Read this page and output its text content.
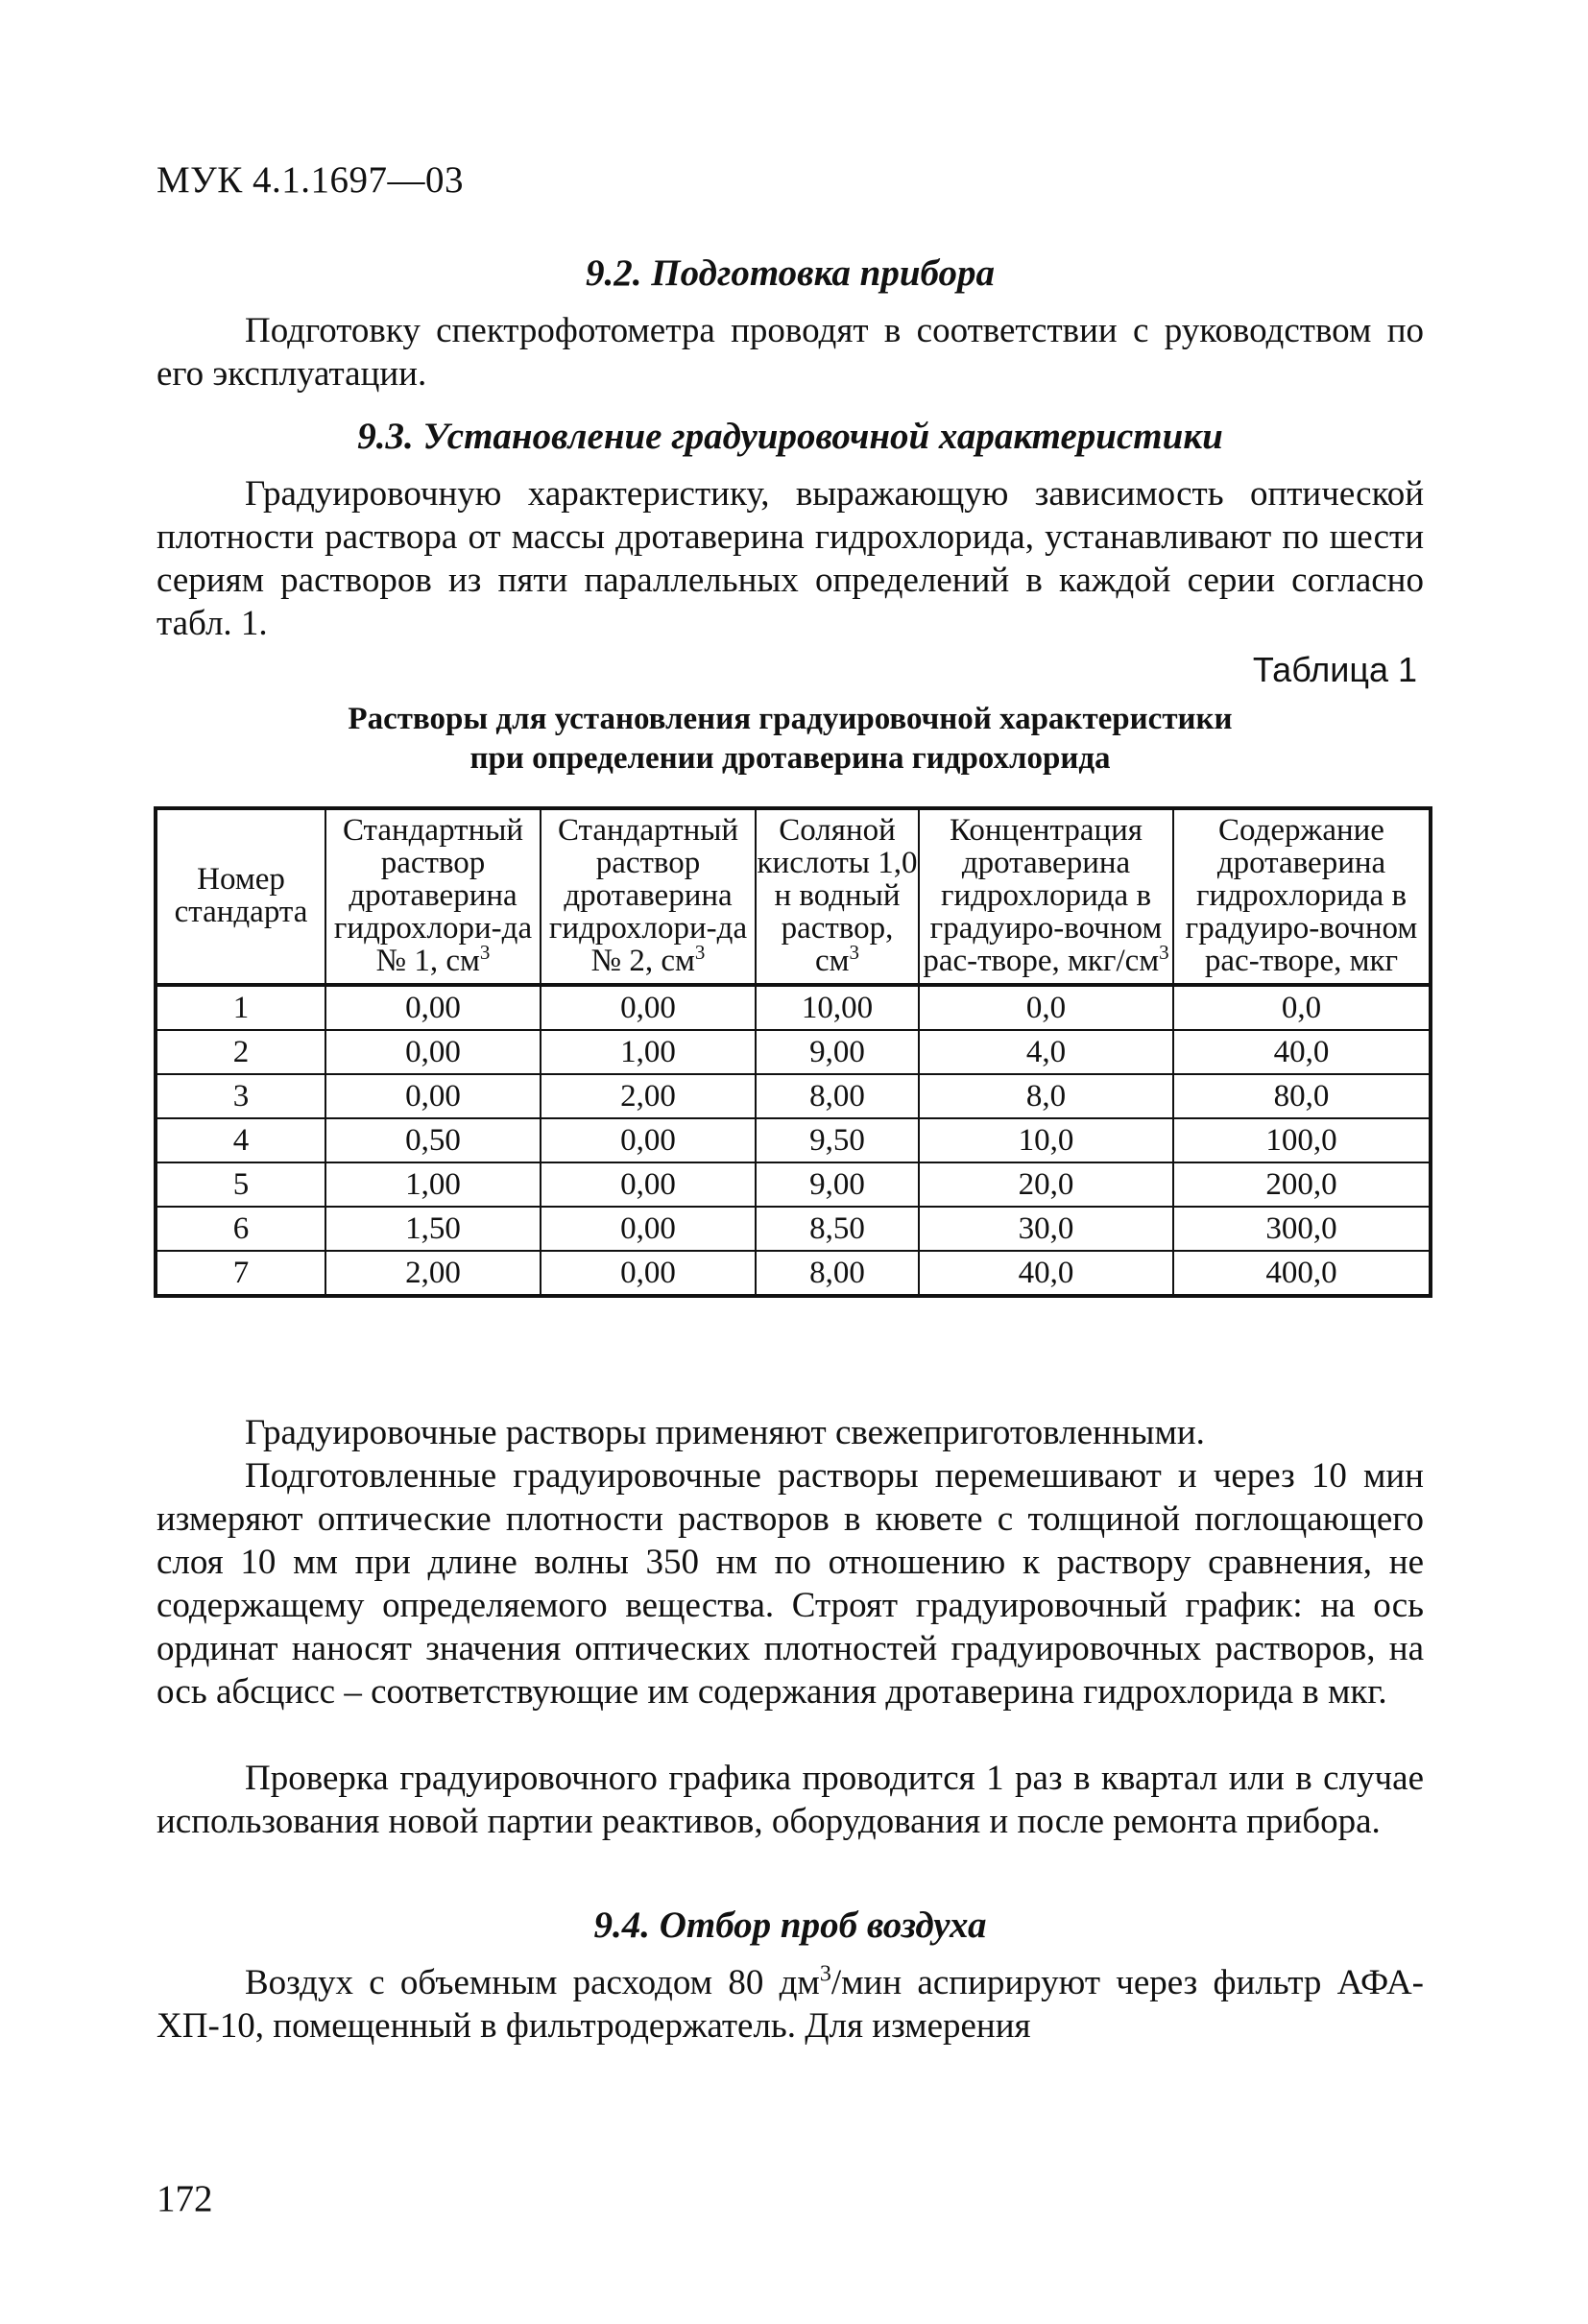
МУК 4.1.1697—03
9.2. Подготовка прибора
Подготовку спектрофотометра проводят в соответствии с руководством по его эксплуатации.
9.3. Установление градуировочной характеристики
Градуировочную характеристику, выражающую зависимость оптической плотности раствора от массы дротаверина гидрохлорида, устанавливают по шести сериям растворов из пяти параллельных определений в каждой серии согласно табл. 1.
Таблица 1
Растворы для установления градуировочной характеристики
при определении дротаверина гидрохлорида
Номер стандарта	Стандартный раствор дротаверина гидрохлори-да № 1, $см^3$	Стандартный раствор дротаверина гидрохлори-да № 2, $см^3$	Соляной кислоты 1,0 н водный раствор, $см^3$	Концентрация дротаверина гидрохлорида в градуиро-вочном рас-творе, мкг/$см^3$	Содержание дротаверина гидрохлорида в градуиро-вочном рас-творе, мкг
1	0,00	0,00	10,00	0,0	0,0
2	0,00	1,00	9,00	4,0	40,0
3	0,00	2,00	8,00	8,0	80,0
4	0,50	0,00	9,50	10,0	100,0
5	1,00	0,00	9,00	20,0	200,0
6	1,50	0,00	8,50	30,0	300,0
7	2,00	0,00	8,00	40,0	400,0
Градуировочные растворы применяют свежеприготовленными.
Подготовленные градуировочные растворы перемешивают и через 10 мин измеряют оптические плотности растворов в кювете с толщиной поглощающего слоя 10 мм при длине волны 350 нм по отношению к раствору сравнения, не содержащему определяемого вещества. Строят градуировочный график: на ось ординат наносят значения оптических плотностей градуировочных растворов, на ось абсцисс – соответствующие им содержания дротаверина гидрохлорида в мкг.
Проверка градуировочного графика проводится 1 раз в квартал или в случае использования новой партии реактивов, оборудования и после ремонта прибора.
9.4. Отбор проб воздуха
Воздух с объемным расходом 80 $дм^3$/мин аспирируют через фильтр АФА-ХП-10, помещенный в фильтродержатель. Для измерения
172
